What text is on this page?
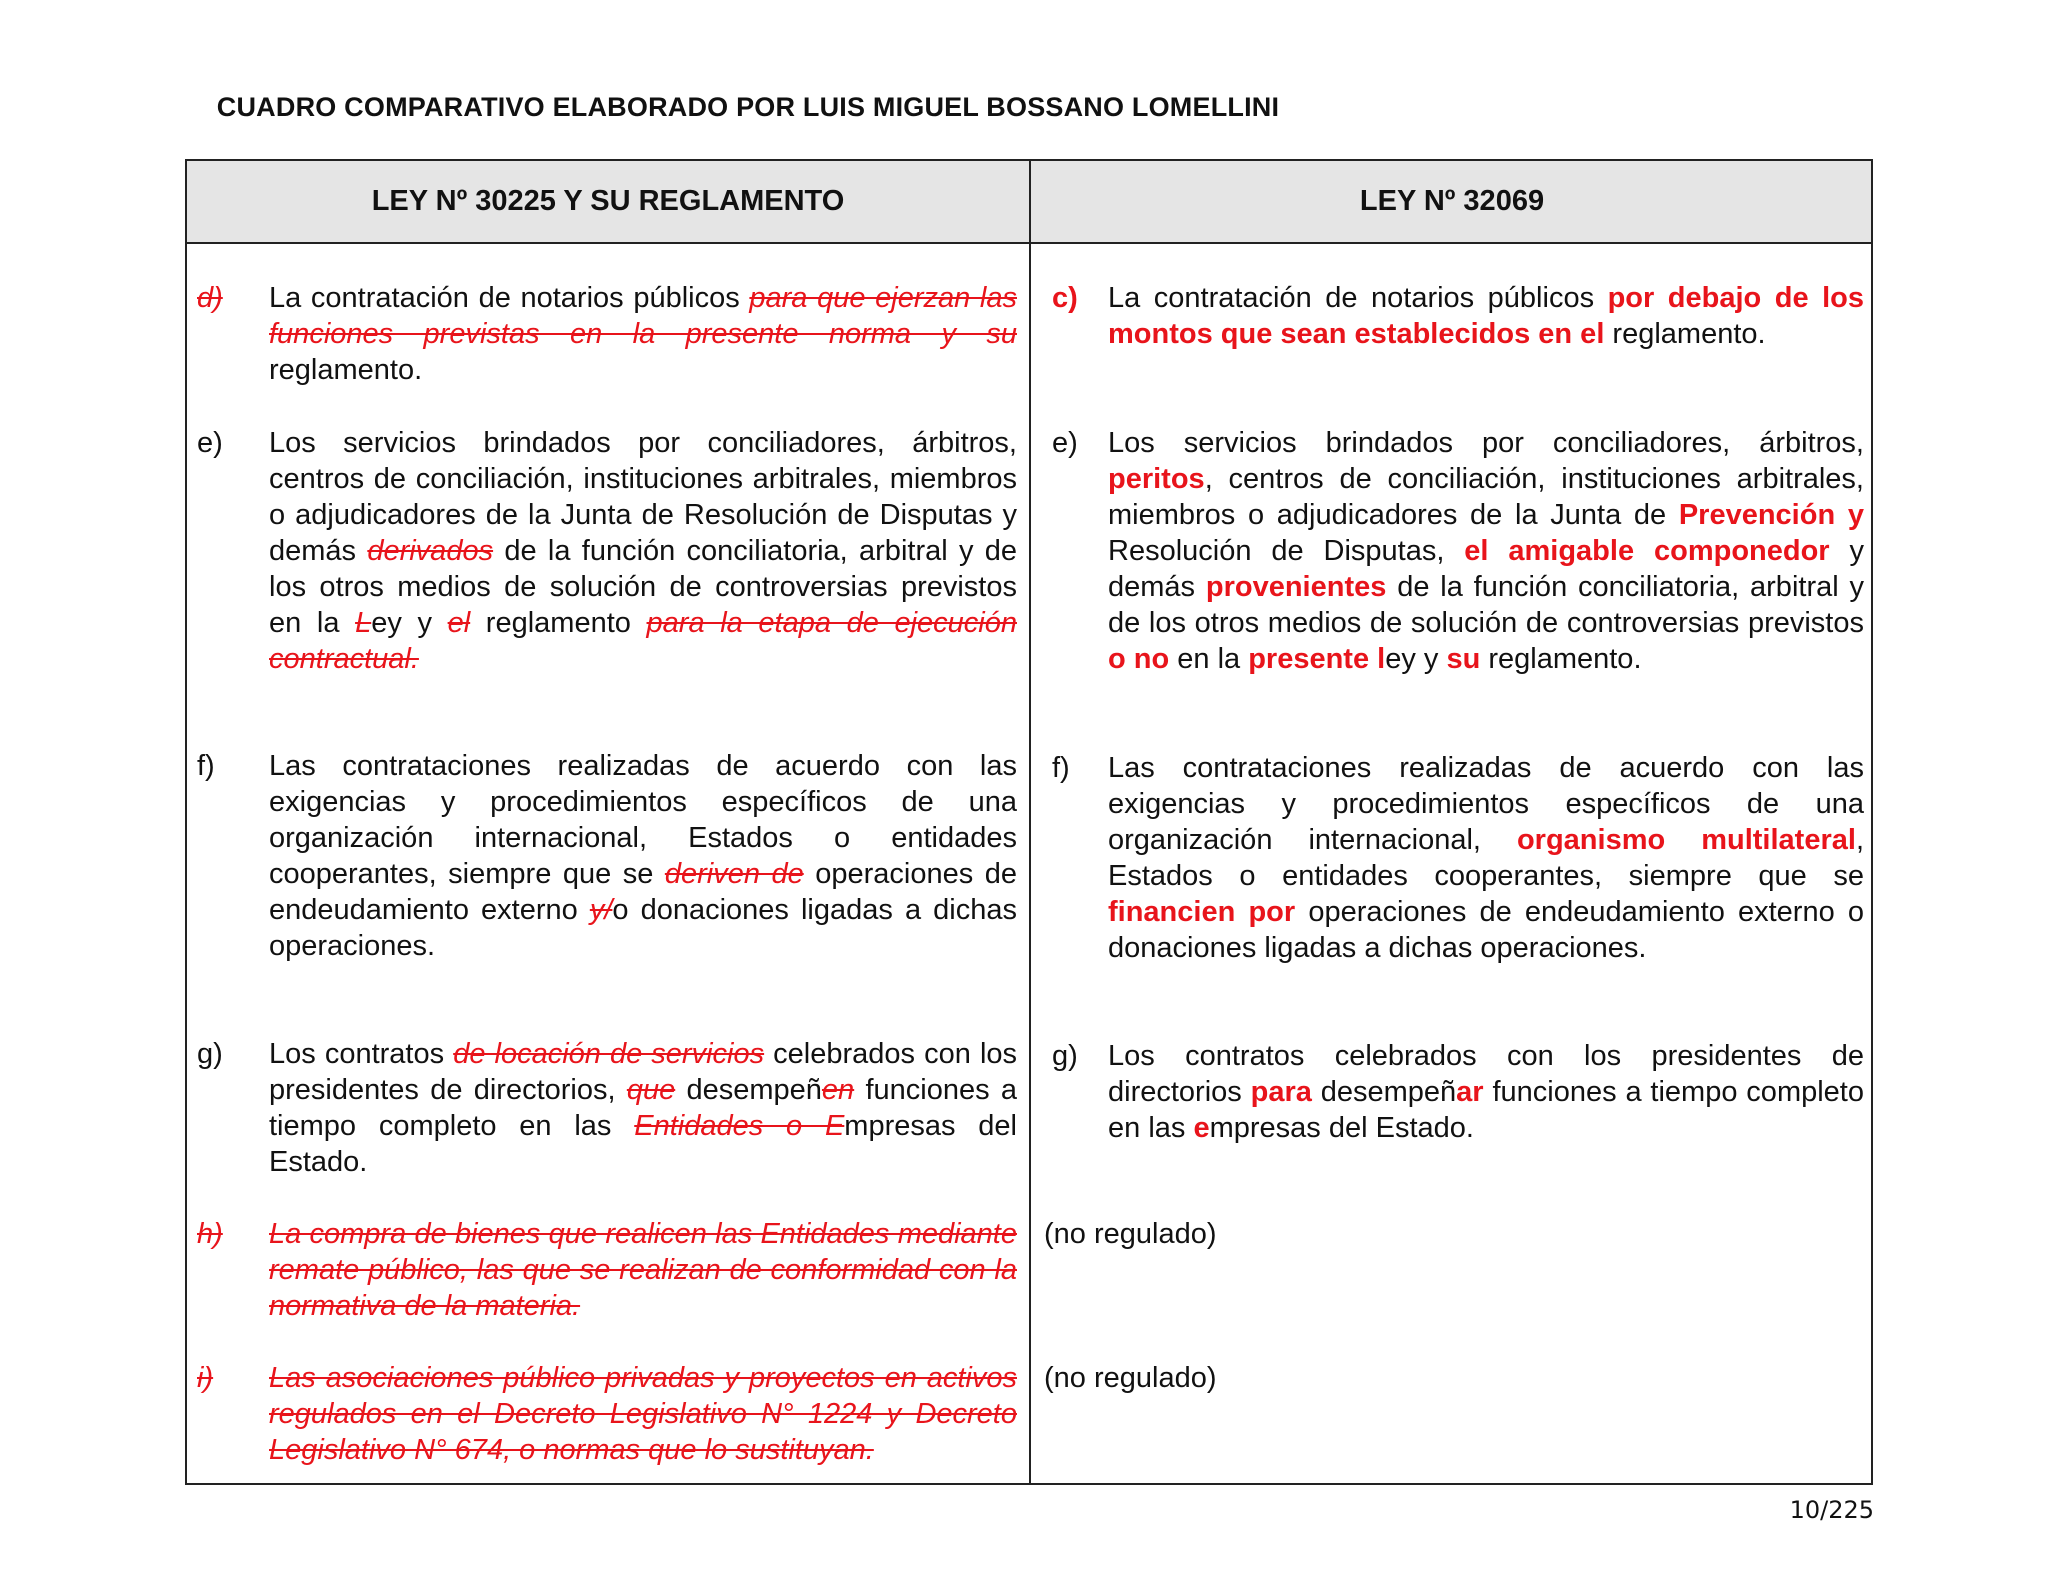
CUADRO COMPARATIVO ELABORADO POR LUIS MIGUEL BOSSANO LOMELLINI
LEY Nº 30225 Y SU REGLAMENTO	LEY Nº 32069
d) La contratación de notarios públicos para que ejerzan las funciones previstas en la presente norma y su reglamento.
e) Los servicios brindados por conciliadores, árbitros, centros de conciliación, instituciones arbitrales, miembros o adjudicadores de la Junta de Resolución de Disputas y demás derivados de la función conciliatoria, arbitral y de los otros medios de solución de controversias previstos en la Ley y el reglamento para la etapa de ejecución contractual.
f) Las contrataciones realizadas de acuerdo con las exigencias y procedimientos específicos de una organización internacional, Estados o entidades cooperantes, siempre que se deriven de operaciones de endeudamiento externo y/o donaciones ligadas a dichas operaciones.
g) Los contratos de locación de servicios celebrados con los presidentes de directorios, que desempeñen funciones a tiempo completo en las Entidades o Empresas del Estado.
h) La compra de bienes que realicen las Entidades mediante remate público, las que se realizan de conformidad con la normativa de la materia.
i) Las asociaciones público privadas y proyectos en activos regulados en el Decreto Legislativo N° 1224 y Decreto Legislativo N° 674, o normas que lo sustituyan.
c) La contratación de notarios públicos por debajo de los montos que sean establecidos en el reglamento.
e) Los servicios brindados por conciliadores, árbitros, peritos, centros de conciliación, instituciones arbitrales, miembros o adjudicadores de la Junta de Prevención y Resolución de Disputas, el amigable componedor y demás provenientes de la función conciliatoria, arbitral y de los otros medios de solución de controversias previstos o no en la presente ley y su reglamento.
f) Las contrataciones realizadas de acuerdo con las exigencias y procedimientos específicos de una organización internacional, organismo multilateral, Estados o entidades cooperantes, siempre que se financien por operaciones de endeudamiento externo o donaciones ligadas a dichas operaciones.
g) Los contratos celebrados con los presidentes de directorios para desempeñar funciones a tiempo completo en las empresas del Estado.
(no regulado)
(no regulado)
10/225
